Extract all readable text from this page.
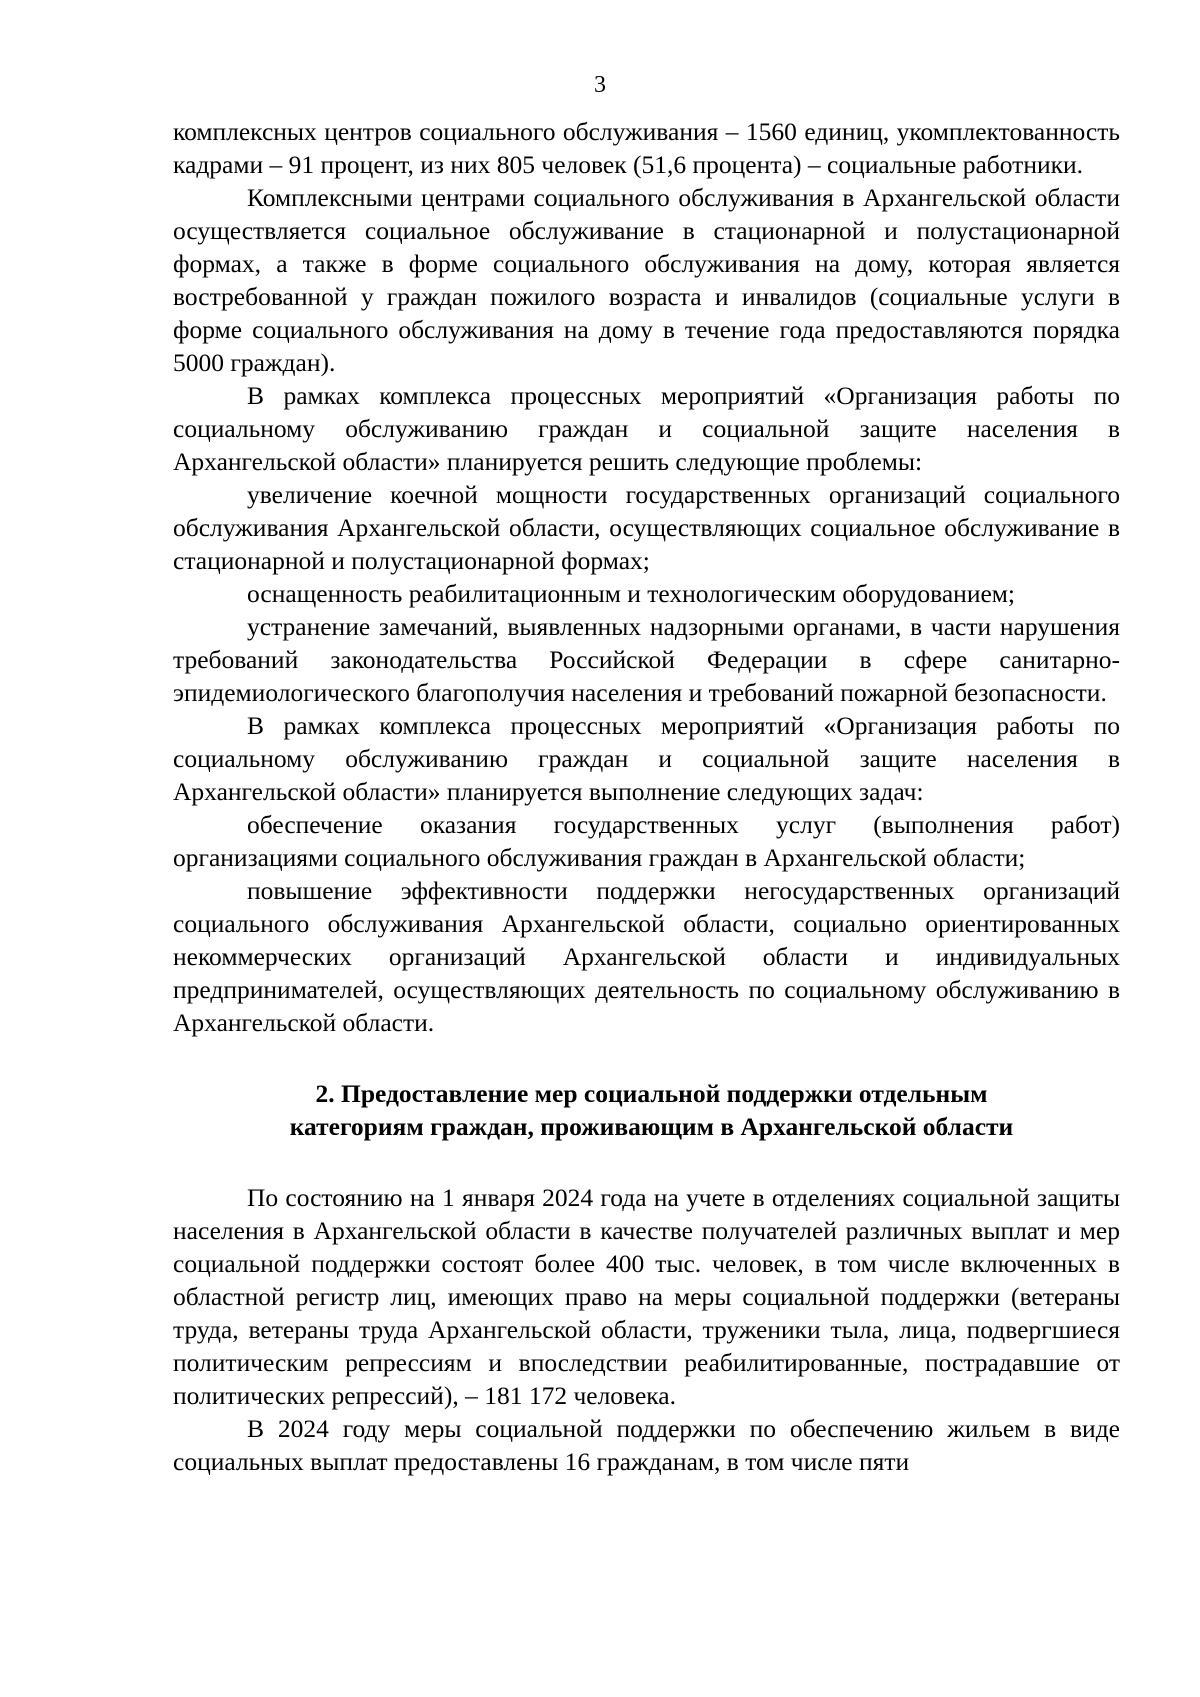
3

комплексных центров социального обслуживания – 1560 единиц, укомплектованность кадрами – 91 процент, из них 805 человек (51,6 процента) – социальные работники.

Комплексными центрами социального обслуживания в Архангельской области осуществляется социальное обслуживание в стационарной и полустационарной формах, а также в форме социального обслуживания на дому, которая является востребованной у граждан пожилого возраста и инвалидов (социальные услуги в форме социального обслуживания на дому в течение года предоставляются порядка 5000 граждан).

В рамках комплекса процессных мероприятий «Организация работы по социальному обслуживанию граждан и социальной защите населения в Архангельской области» планируется решить следующие проблемы:

увеличение коечной мощности государственных организаций социального обслуживания Архангельской области, осуществляющих социальное обслуживание в стационарной и полустационарной формах;

оснащенность реабилитационным и технологическим оборудованием;

устранение замечаний, выявленных надзорными органами, в части нарушения требований законодательства Российской Федерации в сфере санитарно-эпидемиологического благополучия населения и требований пожарной безопасности.

В рамках комплекса процессных мероприятий «Организация работы по социальному обслуживанию граждан и социальной защите населения в Архангельской области» планируется выполнение следующих задач:

обеспечение оказания государственных услуг (выполнения работ) организациями социального обслуживания граждан в Архангельской области;

повышение эффективности поддержки негосударственных организаций социального обслуживания Архангельской области, социально ориентированных некоммерческих организаций Архангельской области и индивидуальных предпринимателей, осуществляющих деятельность по социальному обслуживанию в Архангельской области.

2. Предоставление мер социальной поддержки отдельным
категориям граждан, проживающим в Архангельской области

По состоянию на 1 января 2024 года на учете в отделениях социальной защиты населения в Архангельской области в качестве получателей различных выплат и мер социальной поддержки состоят более 400 тыс. человек, в том числе включенных в областной регистр лиц, имеющих право на меры социальной поддержки (ветераны труда, ветераны труда Архангельской области, труженики тыла, лица, подвергшиеся политическим репрессиям и впоследствии реабилитированные, пострадавшие от политических репрессий), – 181 172 человека.

В 2024 году меры социальной поддержки по обеспечению жильем в виде социальных выплат предоставлены 16 гражданам, в том числе пяти
